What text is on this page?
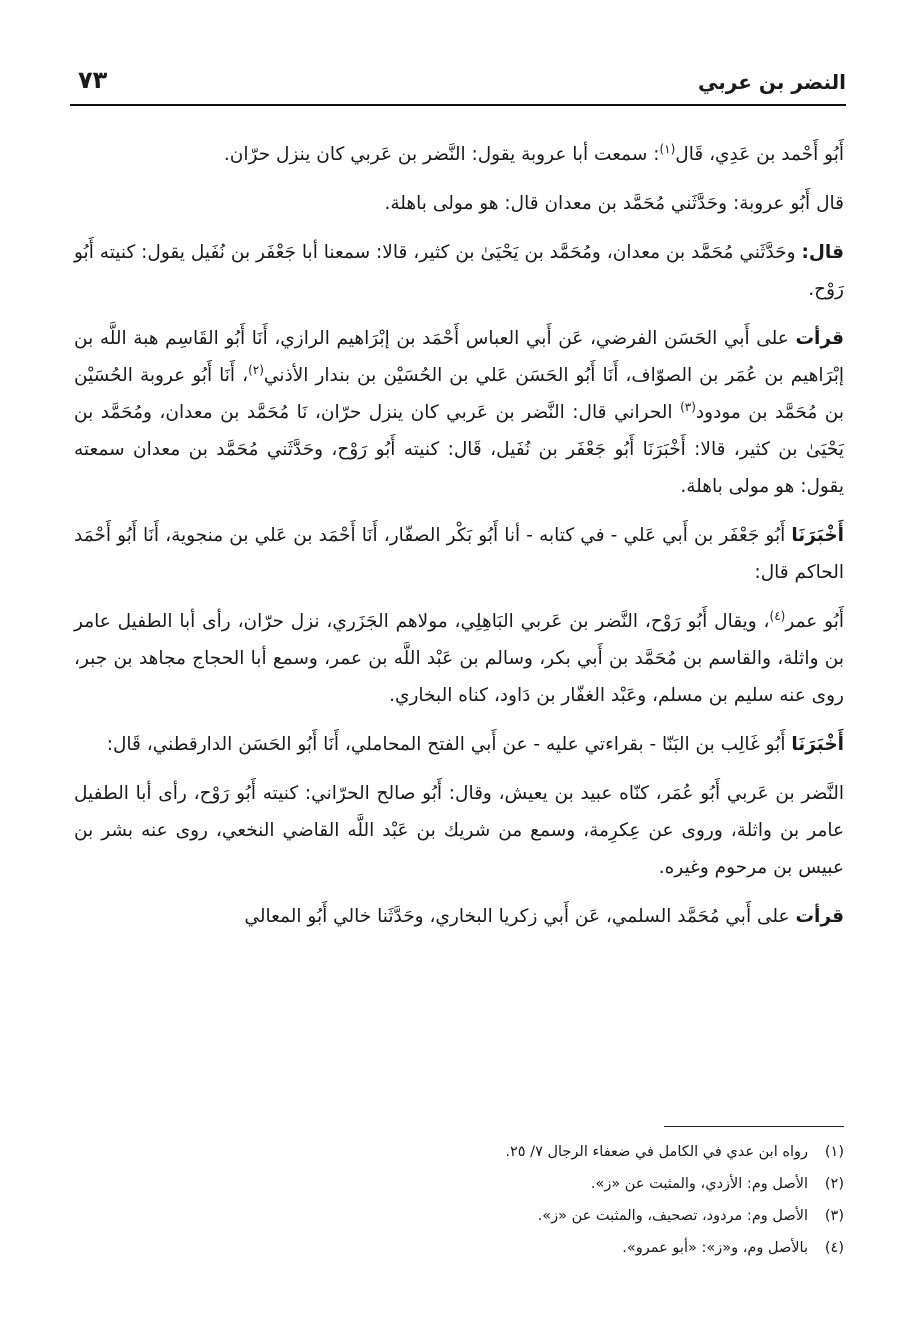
النضر بن عربي
٧٣

أَبُو أَحْمد بن عَدِي، قَال$^{(١)}$: سمعت أبا عروبة يقول: النَّضر بن عَربي كان ينزل حرّان.

قال أَبُو عروبة: وحَدَّثَني مُحَمَّد بن معدان قال: هو مولى باهلة.

قال: وحَدَّثَني مُحَمَّد بن معدان، ومُحَمَّد بن يَحْيَىٰ بن كثير، قالا: سمعنا أبا جَعْفَر بن نُفَيل يقول: كنيته أَبُو رَوْح.

قرأت على أَبي الحَسَن الفرضي، عَن أَبي العباس أَحْمَد بن إبْرَاهيم الرازي، أَنَا أَبُو القَاسِم هبة اللَّه بن إبْرَاهيم بن عُمَر بن الصوّاف، أَنَا أَبُو الحَسَن عَلي بن الحُسَيْن بن بندار الأذني$^{(٢)}$، أَنَا أَبُو عروبة الحُسَيْن بن مُحَمَّد بن مودود$^{(٣)}$ الحراني قال: النَّضر بن عَربي كان ينزل حرّان، نَا مُحَمَّد بن معدان، ومُحَمَّد بن يَحْيَىٰ بن كثير، قالا: أَخْبَرَنَا أَبُو جَعْفَر بن نُفَيل، قَال: كنيته أَبُو رَوْح، وحَدَّثَني مُحَمَّد بن معدان سمعته يقول: هو مولى باهلة.

أَخْبَرَنَا أَبُو جَعْفَر بن أَبي عَلي - في كتابه - أنا أَبُو بَكْر الصفّار، أَنَا أَحْمَد بن عَلي بن منجوية، أَنَا أَبُو أَحْمَد الحاكم قال:

أَبُو عمر$^{(٤)}$، ويقال أَبُو رَوْح، النَّضر بن عَربي البَاهِلِي، مولاهم الجَزَري، نزل حرّان، رأى أبا الطفيل عامر بن واثلة، والقاسم بن مُحَمَّد بن أَبي بكر، وسالم بن عَبْد اللَّه بن عمر، وسمع أبا الحجاج مجاهد بن جبر، روى عنه سليم بن مسلم، وعَبْد الغفّار بن دَاود، كناه البخاري.

أَخْبَرَنَا أَبُو غَالِب بن البَنّا - بقراءتي عليه - عن أَبي الفتح المحاملي، أَنَا أَبُو الحَسَن الدارقطني، قَال:

النَّضر بن عَربي أَبُو عُمَر، كنّاه عبيد بن يعيش، وقال: أَبُو صالح الحرّاني: كنيته أَبُو رَوْح، رأى أبا الطفيل عامر بن واثلة، وروى عن عِكرِمة، وسمع من شريك بن عَبْد اللَّه القاضي النخعي، روى عنه بشر بن عبيس بن مرحوم وغيره.

قرأت على أَبي مُحَمَّد السلمي، عَن أَبي زكريا البخاري، وحَدَّثَنا خالي أَبُو المعالي

(١)رواه ابن عدي في الكامل في ضعفاء الرجال ٧/ ٢٥.
(٢)الأصل وم: الأزدي، والمثبت عن «ز».
(٣)الأصل وم: مردود، تصحيف، والمثبت عن «ز».
(٤)بالأصل وم، و«ز»: «أبو عمرو».
